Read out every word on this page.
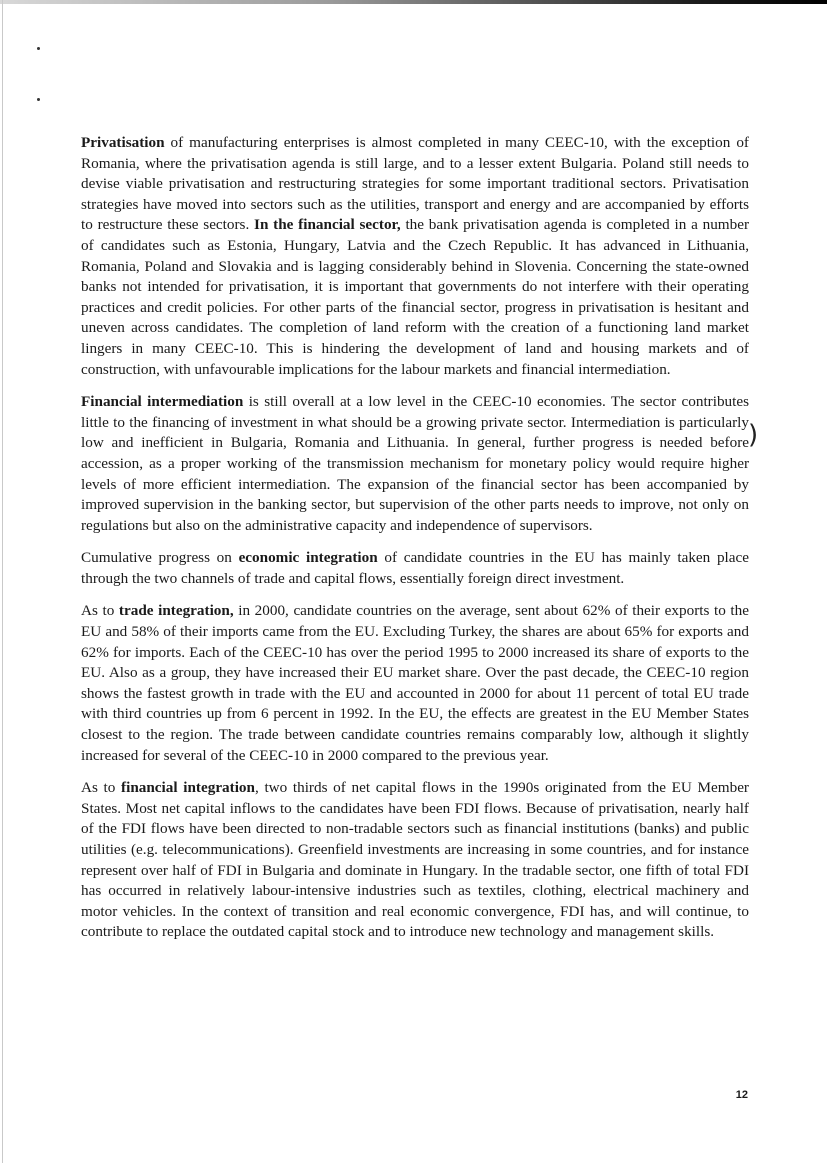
)

Privatisation of manufacturing enterprises is almost completed in many CEEC-10, with the exception of Romania, where the privatisation agenda is still large, and to a lesser extent Bulgaria. Poland still needs to devise viable privatisation and restructuring strategies for some important traditional sectors. Privatisation strategies have moved into sectors such as the utilities, transport and energy and are accompanied by efforts to restructure these sectors. In the financial sector, the bank privatisation agenda is completed in a number of candidates such as Estonia, Hungary, Latvia and the Czech Republic. It has advanced in Lithuania, Romania, Poland and Slovakia and is lagging considerably behind in Slovenia. Concerning the state-owned banks not intended for privatisation, it is important that governments do not interfere with their operating practices and credit policies. For other parts of the financial sector, progress in privatisation is hesitant and uneven across candidates. The completion of land reform with the creation of a functioning land market lingers in many CEEC-10. This is hindering the development of land and housing markets and of construction, with unfavourable implications for the labour markets and financial intermediation.

Financial intermediation is still overall at a low level in the CEEC-10 economies. The sector contributes little to the financing of investment in what should be a growing private sector. Intermediation is particularly low and inefficient in Bulgaria, Romania and Lithuania. In general, further progress is needed before accession, as a proper working of the transmission mechanism for monetary policy would require higher levels of more efficient intermediation. The expansion of the financial sector has been accompanied by improved supervision in the banking sector, but supervision of the other parts needs to improve, not only on regulations but also on the administrative capacity and independence of supervisors.

Cumulative progress on economic integration of candidate countries in the EU has mainly taken place through the two channels of trade and capital flows, essentially foreign direct investment.

As to trade integration, in 2000, candidate countries on the average, sent about 62% of their exports to the EU and 58% of their imports came from the EU. Excluding Turkey, the shares are about 65% for exports and 62% for imports. Each of the CEEC-10 has over the period 1995 to 2000 increased its share of exports to the EU. Also as a group, they have increased their EU market share. Over the past decade, the CEEC-10 region shows the fastest growth in trade with the EU and accounted in 2000 for about 11 percent of total EU trade with third countries up from 6 percent in 1992. In the EU, the effects are greatest in the EU Member States closest to the region. The trade between candidate countries remains comparably low, although it slightly increased for several of the CEEC-10 in 2000 compared to the previous year.

As to financial integration, two thirds of net capital flows in the 1990s originated from the EU Member States. Most net capital inflows to the candidates have been FDI flows. Because of privatisation, nearly half of the FDI flows have been directed to non-tradable sectors such as financial institutions (banks) and public utilities (e.g. telecommunications). Greenfield investments are increasing in some countries, and for instance represent over half of FDI in Bulgaria and dominate in Hungary. In the tradable sector, one fifth of total FDI has occurred in relatively labour-intensive industries such as textiles, clothing, electrical machinery and motor vehicles. In the context of transition and real economic convergence, FDI has, and will continue, to contribute to replace the outdated capital stock and to introduce new technology and management skills.

12
